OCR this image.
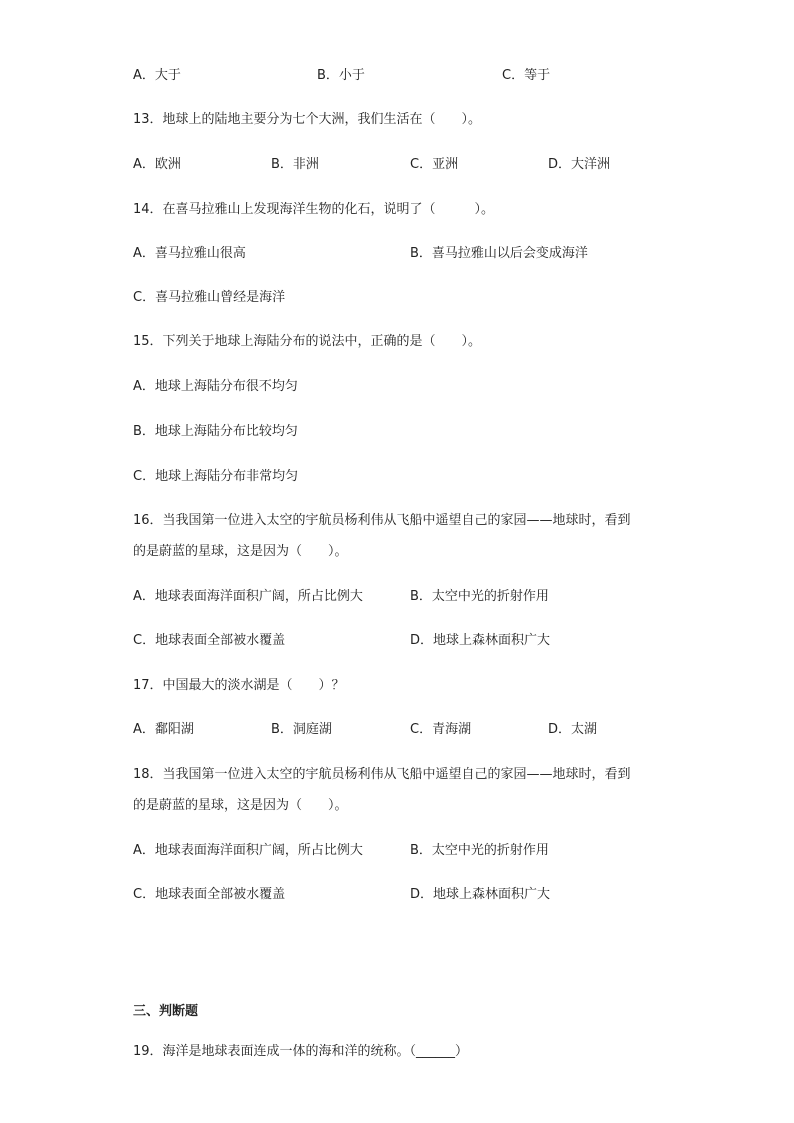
A．大于	B．小于	C．等于
13．地球上的陆地主要分为七个大洲，我们生活在（　　）。
A．欧洲	B．非洲	C．亚洲	D．大洋洲
14．在喜马拉雅山上发现海洋生物的化石，说明了（　　　）。
A．喜马拉雅山很高	B．喜马拉雅山以后会变成海洋
C．喜马拉雅山曾经是海洋
15．下列关于地球上海陆分布的说法中，正确的是（　　）。
A．地球上海陆分布很不均匀
B．地球上海陆分布比较均匀
C．地球上海陆分布非常均匀
16．当我国第一位进入太空的宇航员杨利伟从飞船中遥望自己的家园——地球时，看到
的是蔚蓝的星球，这是因为（　　）。
A．地球表面海洋面积广阔，所占比例大	B．太空中光的折射作用
C．地球表面全部被水覆盖	D．地球上森林面积广大
17．中国最大的淡水湖是（　　）？
A．鄱阳湖	B．洞庭湖	C．青海湖	D．太湖
18．当我国第一位进入太空的宇航员杨利伟从飞船中遥望自己的家园——地球时，看到
的是蔚蓝的星球，这是因为（　　）。
A．地球表面海洋面积广阔，所占比例大	B．太空中光的折射作用
C．地球表面全部被水覆盖	D．地球上森林面积广大
三、判断题
19．海洋是地球表面连成一体的海和洋的统称。（______）
